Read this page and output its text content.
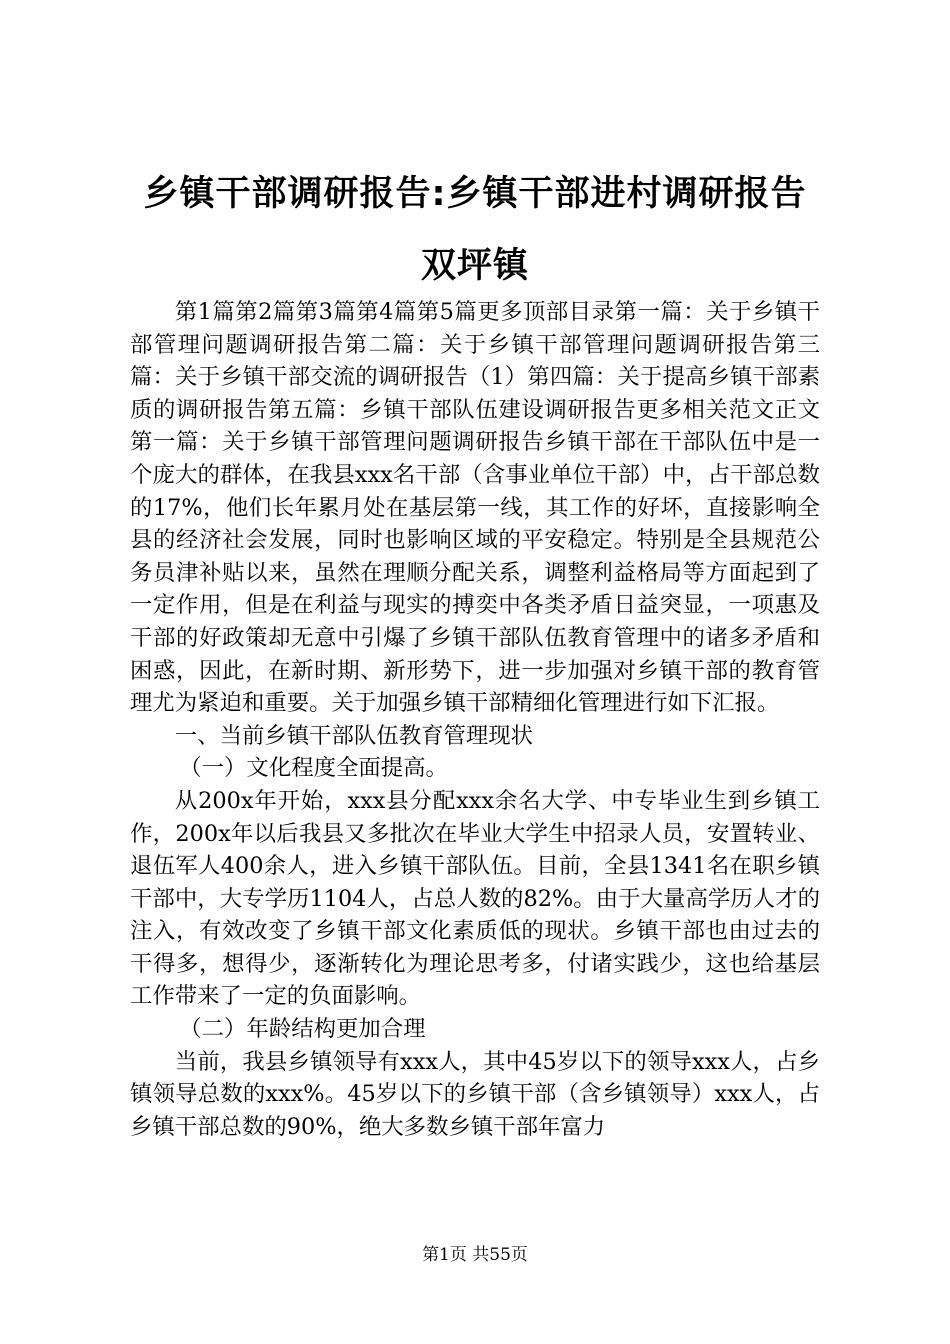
乡镇干部调研报告:乡镇干部进村调研报告双坪镇

第1篇第2篇第3篇第4篇第5篇更多顶部目录第一篇：关于乡镇干部管理问题调研报告第二篇：关于乡镇干部管理问题调研报告第三篇：关于乡镇干部交流的调研报告（1）第四篇：关于提高乡镇干部素质的调研报告第五篇：乡镇干部队伍建设调研报告更多相关范文正文第一篇：关于乡镇干部管理问题调研报告乡镇干部在干部队伍中是一个庞大的群体，在我县xxx名干部（含事业单位干部）中，占干部总数的17%，他们长年累月处在基层第一线，其工作的好坏，直接影响全县的经济社会发展，同时也影响区域的平安稳定。特别是全县规范公务员津补贴以来，虽然在理顺分配关系，调整利益格局等方面起到了一定作用，但是在利益与现实的搏奕中各类矛盾日益突显，一项惠及干部的好政策却无意中引爆了乡镇干部队伍教育管理中的诸多矛盾和困惑，因此，在新时期、新形势下，进一步加强对乡镇干部的教育管理尤为紧迫和重要。关于加强乡镇干部精细化管理进行如下汇报。

一、当前乡镇干部队伍教育管理现状

（一）文化程度全面提高。

从200x年开始，xxx县分配xxx余名大学、中专毕业生到乡镇工作，200x年以后我县又多批次在毕业大学生中招录人员，安置转业、退伍军人400余人，进入乡镇干部队伍。目前，全县1341名在职乡镇干部中，大专学历1104人，占总人数的82%。由于大量高学历人才的注入，有效改变了乡镇干部文化素质低的现状。乡镇干部也由过去的干得多，想得少，逐渐转化为理论思考多，付诸实践少，这也给基层工作带来了一定的负面影响。

（二）年龄结构更加合理

当前，我县乡镇领导有xxx人，其中45岁以下的领导xxx人，占乡镇领导总数的xxx%。45岁以下的乡镇干部（含乡镇领导）xxx人，占乡镇干部总数的90%，绝大多数乡镇干部年富力

第1页 共55页
